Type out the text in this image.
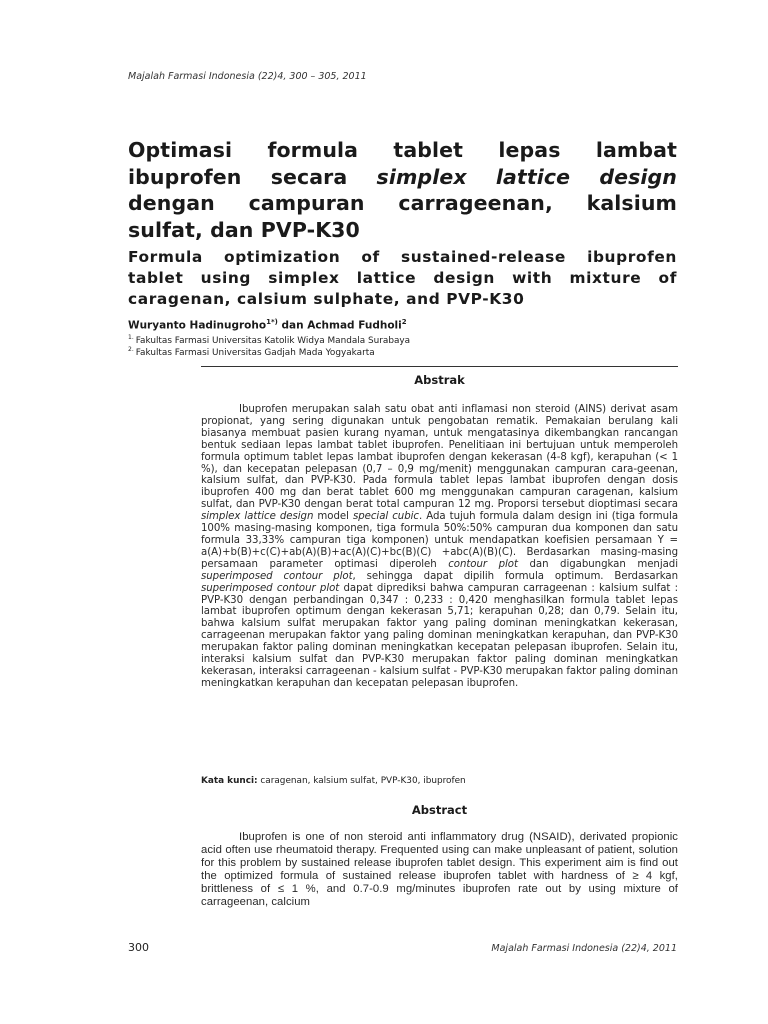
Majalah Farmasi Indonesia (22)4, 300 – 305, 2011
Optimasi formula tablet lepas lambat ibuprofen secara simplex lattice design dengan campuran carrageenan, kalsium sulfat, dan PVP-K30
Formula optimization of sustained-release ibuprofen tablet using simplex lattice design with mixture of caragenan, calsium sulphate, and PVP-K30
Wuryanto Hadinugroho$^{1*)}$ dan Achmad Fudholi$^2$
$^{1.}$ Fakultas Farmasi Universitas Katolik Widya Mandala Surabaya
$^{2.}$ Fakultas Farmasi Universitas Gadjah Mada Yogyakarta
Abstrak

Ibuprofen merupakan salah satu obat anti inflamasi non steroid (AINS) derivat asam propionat, yang sering digunakan untuk pengobatan rematik. Pemakaian berulang kali biasanya membuat pasien kurang nyaman, untuk mengatasinya dikembangkan rancangan bentuk sediaan lepas lambat tablet ibuprofen. Penelitiaan ini bertujuan untuk memperoleh formula optimum tablet lepas lambat ibuprofen dengan kekerasan (4-8 kgf), kerapuhan (< 1 %), dan kecepatan pelepasan (0,7 – 0,9 mg/menit) menggunakan campuran cara-geenan, kalsium sulfat, dan PVP-K30. Pada formula tablet lepas lambat ibuprofen dengan dosis ibuprofen 400 mg dan berat tablet 600 mg menggunakan campuran caragenan, kalsium sulfat, dan PVP-K30 dengan berat total campuran 12 mg. Proporsi tersebut dioptimasi secara simplex lattice design model special cubic. Ada tujuh formula dalam design ini (tiga formula 100% masing-masing komponen, tiga formula 50%:50% campuran dua komponen dan satu formula 33,33% campuran tiga komponen) untuk mendapatkan koefisien persamaan Y = a(A)+b(B)+c(C)+ab(A)(B)+ac(A)(C)+bc(B)(C) +abc(A)(B)(C). Berdasarkan masing-masing persamaan parameter optimasi diperoleh contour plot dan digabungkan menjadi superimposed contour plot, sehingga dapat dipilih formula optimum. Berdasarkan superimposed contour plot dapat diprediksi bahwa campuran carrageenan : kalsium sulfat : PVP-K30 dengan perbandingan 0,347 : 0,233 : 0,420 menghasilkan formula tablet lepas lambat ibuprofen optimum dengan kekerasan 5,71; kerapuhan 0,28; dan 0,79. Selain itu, bahwa kalsium sulfat merupakan faktor yang paling dominan meningkatkan kekerasan, carrageenan merupakan faktor yang paling dominan meningkatkan kerapuhan, dan PVP-K30 merupakan faktor paling dominan meningkatkan kecepatan pelepasan ibuprofen. Selain itu, interaksi kalsium sulfat dan PVP-K30 merupakan faktor paling dominan meningkatkan kekerasan, interaksi carrageenan - kalsium sulfat - PVP-K30 merupakan faktor paling dominan meningkatkan kerapuhan dan kecepatan pelepasan ibuprofen.

Kata kunci: caragenan, kalsium sulfat, PVP-K30, ibuprofen
Abstract

Ibuprofen is one of non steroid anti inflammatory drug (NSAID), derivated propionic acid often use rheumatoid therapy. Frequented using can make unpleasant of patient, solution for this problem by sustained release ibuprofen tablet design. This experiment aim is find out the optimized formula of sustained release ibuprofen tablet with hardness of ≥ 4 kgf, brittleness of ≤ 1 %, and 0.7-0.9 mg/minutes ibuprofen rate out by using mixture of carrageenan, calcium

300	Majalah Farmasi Indonesia (22)4, 2011
